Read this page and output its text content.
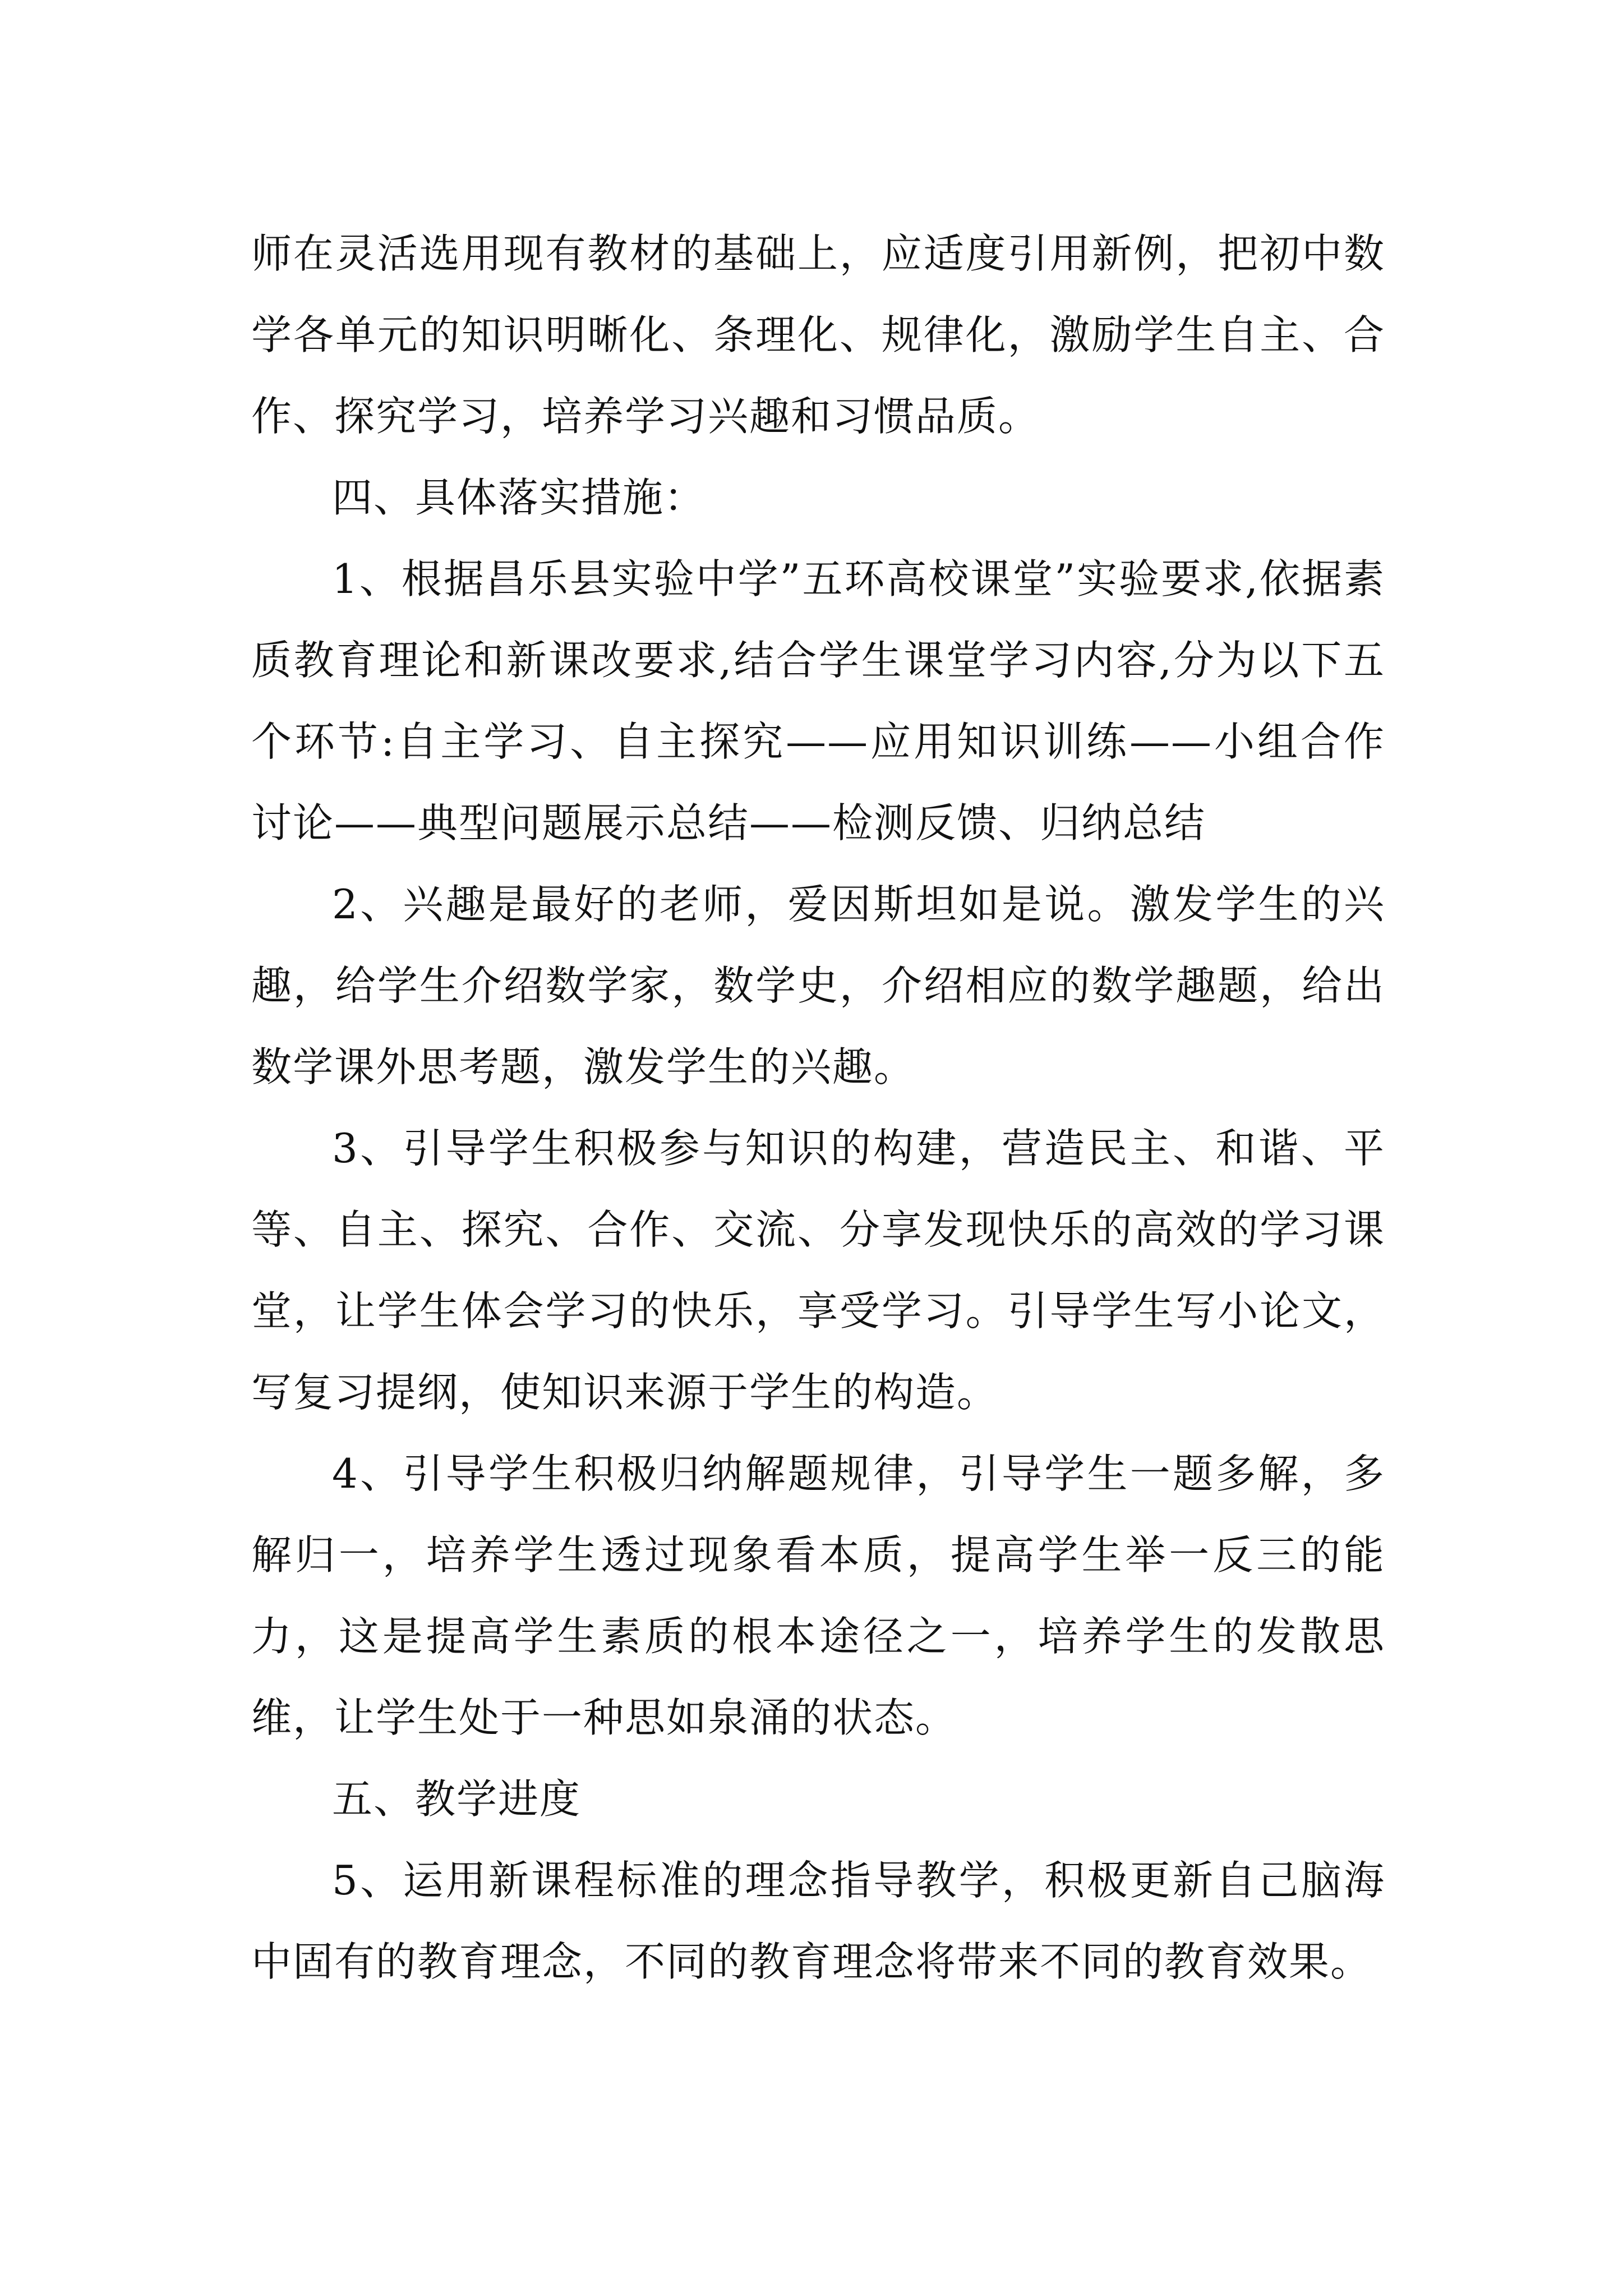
师在灵活选用现有教材的基础上，应适度引用新例，把初中数学各单元的知识明晰化、条理化、规律化，激励学生自主、合作、探究学习，培养学习兴趣和习惯品质。

四、具体落实措施：

1、根据昌乐县实验中学”五环高校课堂”实验要求,依据素质教育理论和新课改要求,结合学生课堂学习内容,分为以下五个环节:自主学习、自主探究——应用知识训练——小组合作讨论——典型问题展示总结——检测反馈、归纳总结

2、兴趣是最好的老师，爱因斯坦如是说。激发学生的兴趣，给学生介绍数学家，数学史，介绍相应的数学趣题，给出数学课外思考题，激发学生的兴趣。

3、引导学生积极参与知识的构建，营造民主、和谐、平等、自主、探究、合作、交流、分享发现快乐的高效的学习课堂，让学生体会学习的快乐，享受学习。引导学生写小论文，写复习提纲，使知识来源于学生的构造。

4、引导学生积极归纳解题规律，引导学生一题多解，多解归一，培养学生透过现象看本质，提高学生举一反三的能力，这是提高学生素质的根本途径之一，培养学生的发散思维，让学生处于一种思如泉涌的状态。

五、教学进度

5、运用新课程标准的理念指导教学，积极更新自己脑海中固有的教育理念，不同的教育理念将带来不同的教育效果。
